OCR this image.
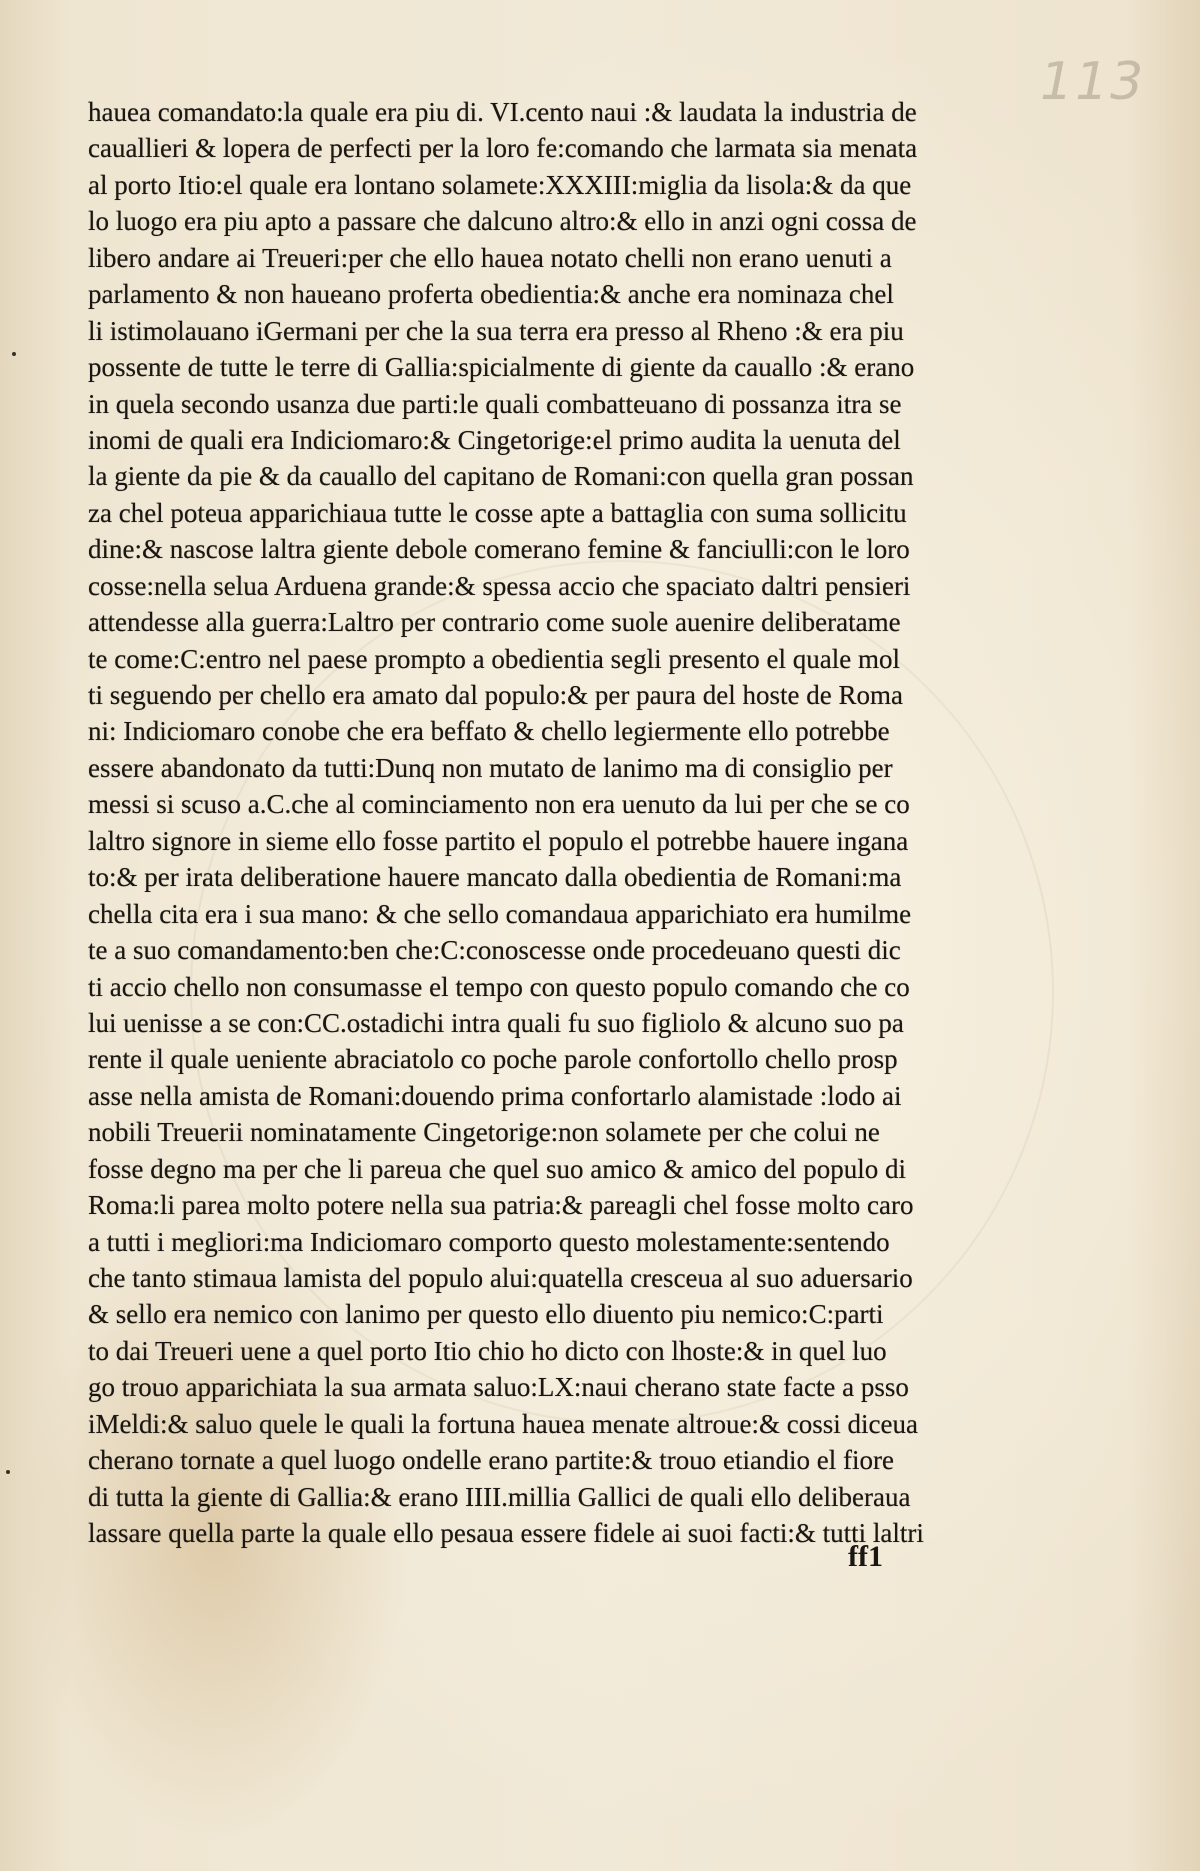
113
hauea comandato:la quale era piu di. VI.cento naui :& laudata la industria de
cauallieri & lopera de perfecti per la loro fe:comando che larmata sia menata
al porto Itio:el quale era lontano solamete:XXXIII:miglia da lisola:& da que
lo luogo era piu apto a passare che dalcuno altro:& ello in anzi ogni cossa de
libero andare ai Treueri:per che ello hauea notato chelli non erano uenuti a
parlamento & non haueano proferta obedientia:& anche era nominaza chel
li istimolauano iGermani per che la sua terra era presso al Rheno :& era piu
possente de tutte le terre di Gallia:spicialmente di giente da cauallo :& erano
in quela secondo usanza due parti:le quali combatteuano di possanza itra se
inomi de quali era Indiciomaro:& Cingetorige:el primo audita la uenuta del
la giente da pie & da cauallo del capitano de Romani:con quella gran possan
za chel poteua apparichiaua tutte le cosse apte a battaglia con suma sollicitu
dine:& nascose laltra giente debole comerano femine & fanciulli:con le loro
cosse:nella selua Arduena grande:& spessa accio che spaciato daltri pensieri
attendesse alla guerra:Laltro per contrario come suole auenire deliberatame
te come:C:entro nel paese prompto a obedientia segli presento el quale mol
ti seguendo per chello era amato dal populo:& per paura del hoste de Roma
ni: Indiciomaro conobe che era beffato & chello legiermente ello potrebbe
essere abandonato da tutti:Dunq non mutato de lanimo ma di consiglio per
messi si scuso a.C.che al cominciamento non era uenuto da lui per che se co
laltro signore in sieme ello fosse partito el populo el potrebbe hauere ingana
to:& per irata deliberatione hauere mancato dalla obedientia de Romani:ma
chella cita era i sua mano: & che sello comandaua apparichiato era humilme
te a suo comandamento:ben che:C:conoscesse onde procedeuano questi dic
ti accio chello non consumasse el tempo con questo populo comando che co
lui uenisse a se con:CC.ostadichi intra quali fu suo figliolo & alcuno suo pa
rente il quale ueniente abraciatolo co poche parole confortollo chello prosp
asse nella amista de Romani:douendo prima confortarlo alamistade :lodo ai
nobili Treuerii nominatamente Cingetorige:non solamete per che colui ne
fosse degno ma per che li pareua che quel suo amico & amico del populo di
Roma:li parea molto potere nella sua patria:& pareagli chel fosse molto caro
a tutti i megliori:ma Indiciomaro comporto questo molestamente:sentendo
che tanto stimaua lamista del populo alui:quatella cresceua al suo aduersario
& sello era nemico con lanimo per questo ello diuento piu nemico:C:parti
to dai Treueri uene a quel porto Itio chio ho dicto con lhoste:& in quel luo
go trouo apparichiata la sua armata saluo:LX:naui cherano state facte a psso
iMeldi:& saluo quele le quali la fortuna hauea menate altroue:& cossi diceua
cherano tornate a quel luogo ondelle erano partite:& trouo etiandio el fiore
di tutta la giente di Gallia:& erano IIII.millia Gallici de quali ello deliberaua
lassare quella parte la quale ello pesaua essere fidele ai suoi facti:& tutti laltri
ff1
